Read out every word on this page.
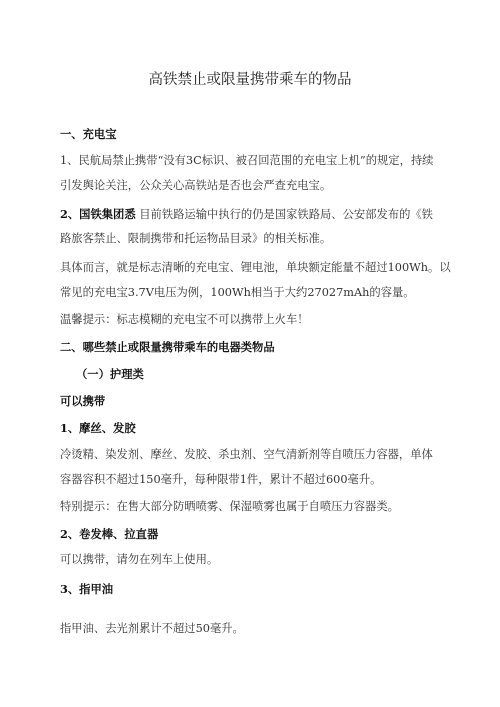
高铁禁止或限量携带乘车的物品
一、充电宝
1、民航局禁止携带“没有3C标识、被召回范围的充电宝上机”的规定，持续
引发舆论关注，公众关心高铁站是否也会严查充电宝。
2、国铁集团悉 目前铁路运输中执行的仍是国家铁路局、公安部发布的《铁
路旅客禁止、限制携带和托运物品目录》的相关标准。
具体而言，就是标志清晰的充电宝、锂电池，单块额定能量不超过100Wh。以
常见的充电宝3.7V电压为例，100Wh相当于大约27027mAh的容量。
温馨提示：标志模糊的充电宝不可以携带上火车！
二、哪些禁止或限量携带乘车的电器类物品
（一）护理类
可以携带
1、摩丝、发胶
冷烫精、染发剂、摩丝、发胶、杀虫剂、空气清新剂等自喷压力容器，单体
容器容积不超过150毫升，每种限带1件，累计不超过600毫升。
特别提示：在售大部分防晒喷雾、保湿喷雾也属于自喷压力容器类。
2、卷发棒、拉直器
可以携带，请勿在列车上使用。
3、指甲油
指甲油、去光剂累计不超过50毫升。
